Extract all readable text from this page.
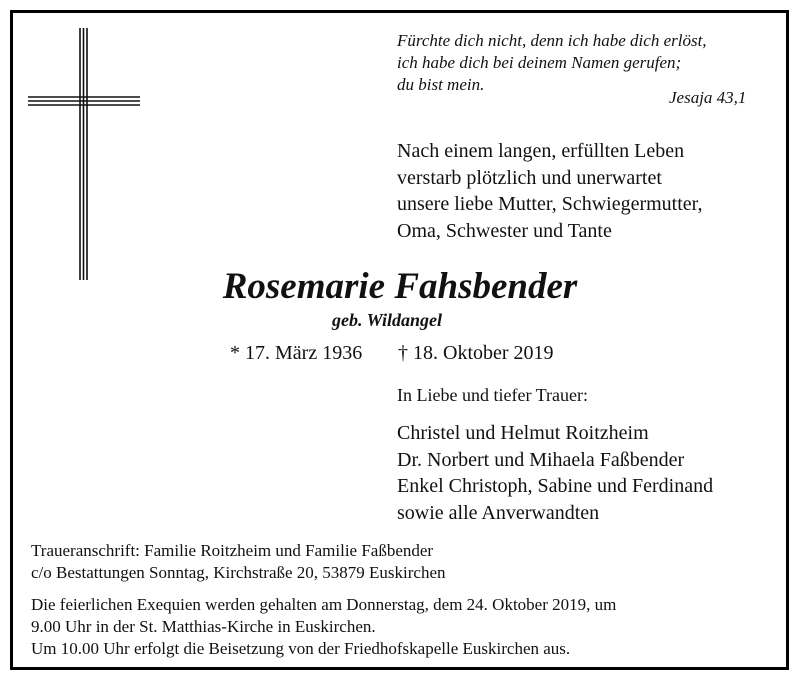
Fürchte dich nicht, denn ich habe dich erlöst,
ich habe dich bei deinem Namen gerufen;
du bist mein.
Jesaja 43,1
Nach einem langen, erfüllten Leben
verstarb plötzlich und unerwartet
unsere liebe Mutter, Schwiegermutter,
Oma, Schwester und Tante
Rosemarie Fahsbender
geb. Wildangel
* 17. März 1936 † 18. Oktober 2019
In Liebe und tiefer Trauer:
Christel und Helmut Roitzheim
Dr. Norbert und Mihaela Faßbender
Enkel Christoph, Sabine und Ferdinand
sowie alle Anverwandten
Traueranschrift: Familie Roitzheim und Familie Faßbender
c/o Bestattungen Sonntag, Kirchstraße 20, 53879 Euskirchen
Die feierlichen Exequien werden gehalten am Donnerstag, dem 24. Oktober 2019, um
9.00 Uhr in der St. Matthias-Kirche in Euskirchen.
Um 10.00 Uhr erfolgt die Beisetzung von der Friedhofskapelle Euskirchen aus.
